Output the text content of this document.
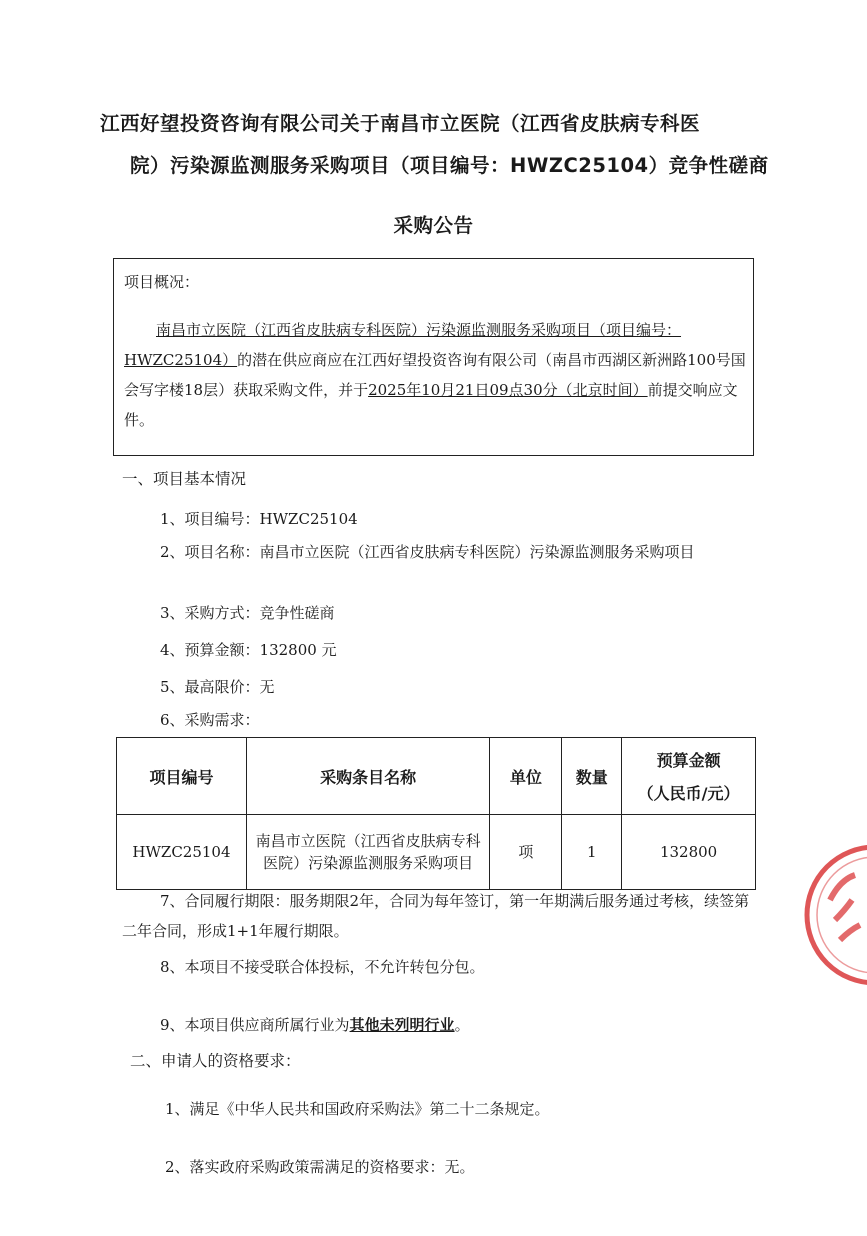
江西好望投资咨询有限公司关于南昌市立医院（江西省皮肤病专科医
院）污染源监测服务采购项目（项目编号：HWZC25104）竞争性磋商
采购公告
项目概况：
南昌市立医院（江西省皮肤病专科医院）污染源监测服务采购项目（项目编号：HWZC25104）的潜在供应商应在江西好望投资咨询有限公司（南昌市西湖区新洲路100号国会写字楼18层）获取采购文件，并于2025年10月21日09点30分（北京时间）前提交响应文件。
一、项目基本情况
1、项目编号：HWZC25104
2、项目名称：南昌市立医院（江西省皮肤病专科医院）污染源监测服务采购项目
3、采购方式：竞争性磋商
4、预算金额：132800 元
5、最高限价：无
6、采购需求：
项目编号	采购条目名称	单位	数量	预算金额
（人民币/元）

HWZC25104	南昌市立医院（江西省皮肤病专科医院）污染源监测服务采购项目	项	1	132800
7、合同履行期限：服务期限2年，合同为每年签订，第一年期满后服务通过考核，续签第二年合同，形成1+1年履行期限。
8、本项目不接受联合体投标，不允许转包分包。
9、本项目供应商所属行业为其他未列明行业。
二、申请人的资格要求：
1、满足《中华人民共和国政府采购法》第二十二条规定。
2、落实政府采购政策需满足的资格要求：无。
